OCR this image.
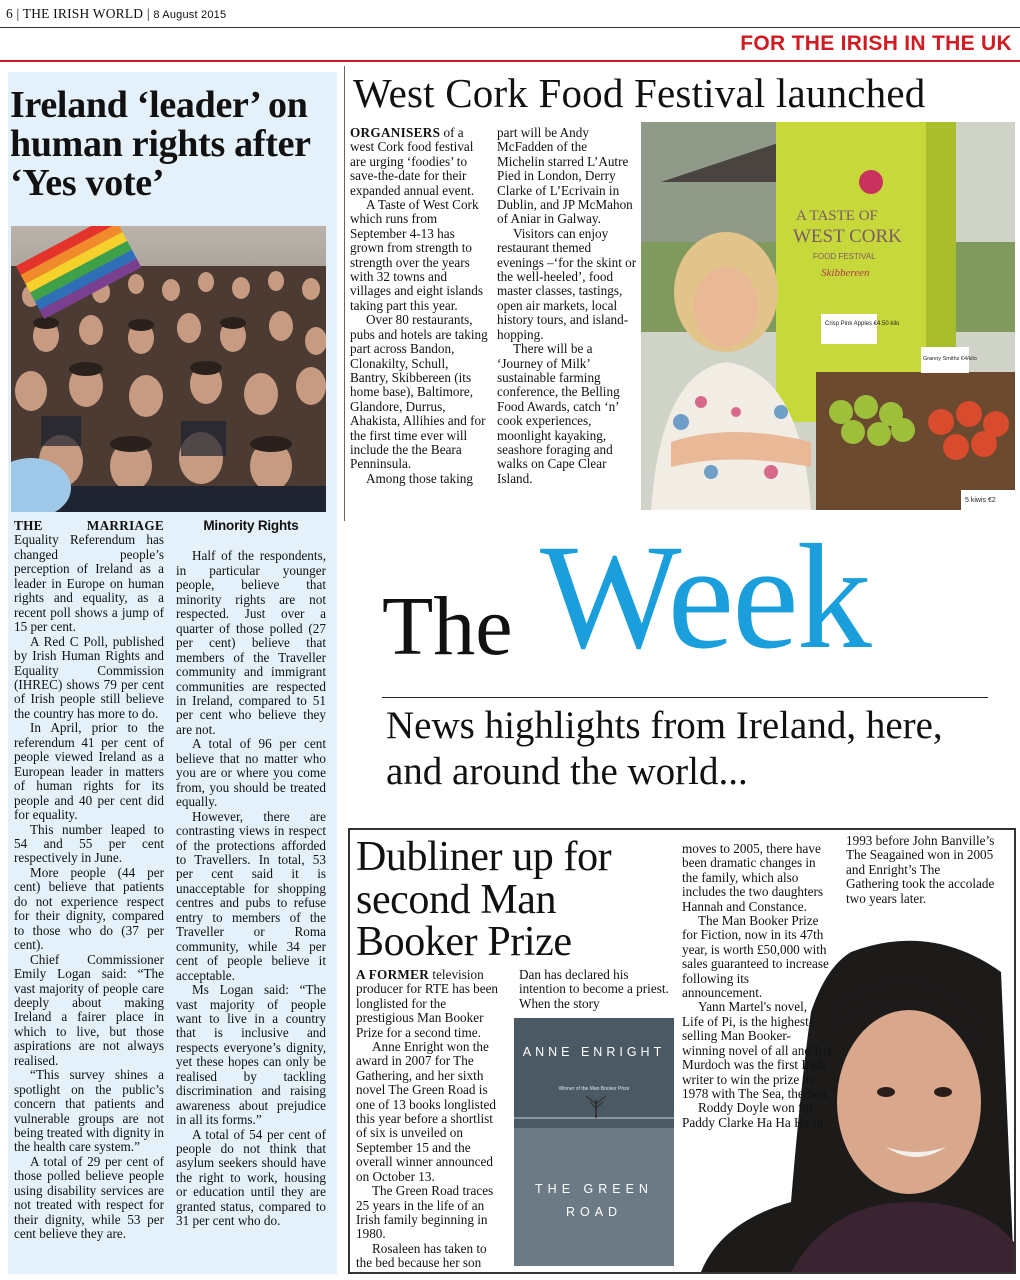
6 | THE IRISH WORLD | 8 August 2015
FOR THE IRISH IN THE UK
Ireland ‘leader’ on human rights after ‘Yes vote’

THE MARRIAGE Equality Referendum has changed people’s perception of Ireland as a leader in Europe on human rights and equality, as a recent poll shows a jump of 15 per cent.

A Red C Poll, published by Irish Human Rights and Equality Commission (IHREC) shows 79 per cent of Irish people still believe the country has more to do.

In April, prior to the referendum 41 per cent of people viewed Ireland as a European leader in matters of human rights for its people and 40 per cent did for equality.

This number leaped to 54 and 55 per cent respectively in June.

More people (44 per cent) believe that patients do not experience respect for their dignity, compared to those who do (37 per cent).

Chief Commissioner Emily Logan said: “The vast majority of people care deeply about making Ireland a fairer place in which to live, but those aspirations are not always realised.

“This survey shines a spotlight on the public’s concern that patients and vulnerable groups are not being treated with dignity in the health care system.”

A total of 29 per cent of those polled believe people using disability services are not treated with respect for their dignity, while 53 per cent believe they are.

Minority Rights

Half of the respondents, in particular younger people, believe that minority rights are not respected. Just over a quarter of those polled (27 per cent) believe that members of the Traveller community and immigrant communities are respected in Ireland, compared to 51 per cent who believe they are not.

A total of 96 per cent believe that no matter who you are or where you come from, you should be treated equally.

However, there are contrasting views in respect of the protections afforded to Travellers. In total, 53 per cent said it is unacceptable for shopping centres and pubs to refuse entry to members of the Traveller or Roma community, while 34 per cent of people believe it acceptable.

Ms Logan said: “The vast majority of people want to live in a country that is inclusive and respects everyone’s dignity, yet these hopes can only be realised by tackling discrimination and raising awareness about prejudice in all its forms.”

A total of 54 per cent of people do not think that asylum seekers should have the right to work, housing or education until they are granted status, compared to 31 per cent who do.

West Cork Food Festival launched

ORGANISERS of a west Cork food festival are urging ‘foodies’ to save-the-date for their expanded annual event.

A Taste of West Cork which runs from September 4-13 has grown from strength to strength over the years with 32 towns and villages and eight islands taking part this year.

Over 80 restaurants, pubs and hotels are taking part across Bandon, Clonakilty, Schull, Bantry, Skibbereen (its home base), Baltimore, Glandore, Durrus, Ahakista, Allihies and for the first time ever will include the the Beara Penninsula.

Among those taking

part will be Andy McFadden of the Michelin starred L’Autre Pied in London, Derry Clarke of L’Ecrivain in Dublin, and JP McMahon of Aniar in Galway.

Visitors can enjoy restaurant themed evenings –‘for the skint or the well-heeled’, food master classes, tastings, open air markets, local history tours, and island-hopping.

There will be a ‘Journey of Milk’ sustainable farming conference, the Belling Food Awards, catch ‘n’ cook experiences, moonlight kayaking, seashore foraging and walks on Cape Clear Island.

A TASTE OF
WEST CORK
FOOD FESTIVAL
Skibbereen
Crisp Pink Apples €4.50 kilo
Granny Smiths €4/kilo
5 kiwis €2
The Week
News highlights from Ireland, here, and around the world...
Dubliner up for second Man Booker Prize

A FORMER television producer for RTE has been longlisted for the prestigious Man Booker Prize for a second time.

Anne Enright won the award in 2007 for The Gathering, and her sixth novel The Green Road is one of 13 books longlisted this year before a shortlist of six is unveiled on September 15 and the overall winner announced on October 13.

The Green Road traces 25 years in the life of an Irish family beginning in 1980.

Rosaleen has taken to the bed because her son

Dan has declared his intention to become a priest. When the story

ANNE ENRIGHT
Winner of the Man Booker Prize
THE GREEN ROAD

moves to 2005, there have been dramatic changes in the family, which also includes the two daughters Hannah and Constance.

The Man Booker Prize for Fiction, now in its 47th year, is worth £50,000 with sales guaranteed to increase following its announcement.

Yann Martel's novel, Life of Pi, is the highest-selling Man Booker-winning novel of all and Iris Murdoch was the first Irish writer to win the prize in 1978 with The Sea, the Sea.

Roddy Doyle won for Paddy Clarke Ha Ha Ha in

1993 before John Banville’s The Seagained won in 2005 and Enright’s The Gathering took the accolade two years later.
